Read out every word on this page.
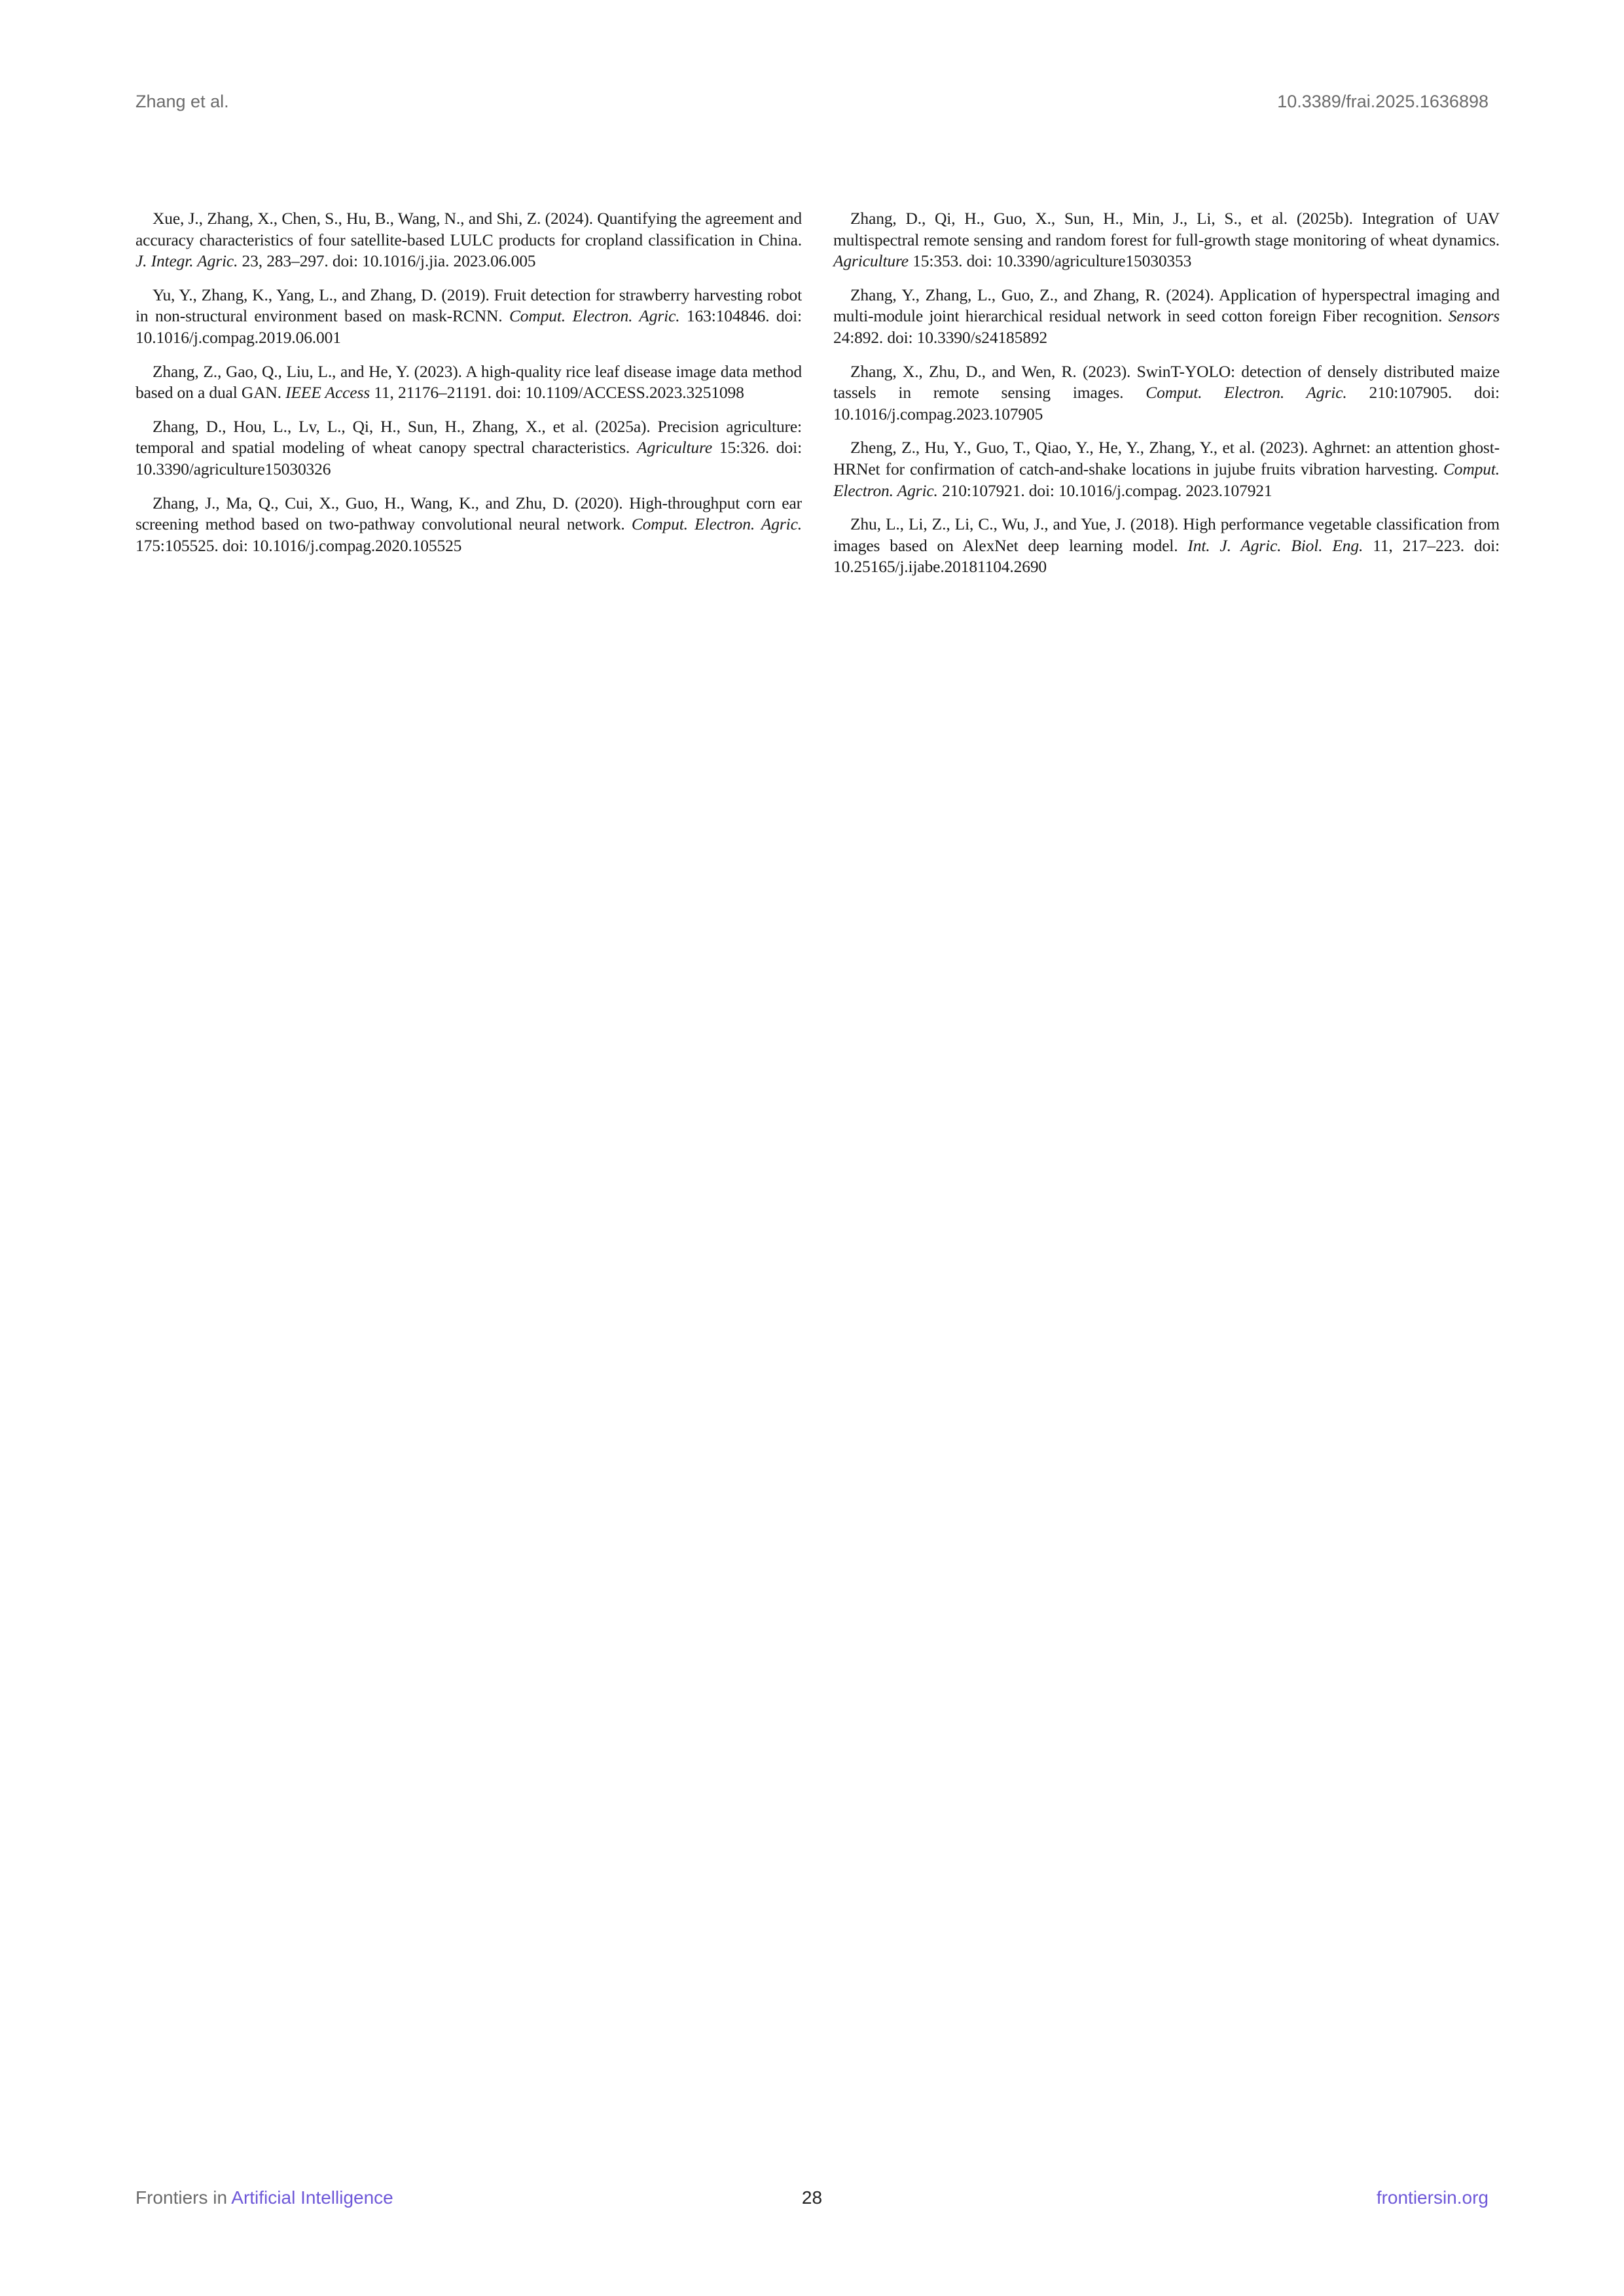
Zhang et al.	10.3389/frai.2025.1636898

Xue, J., Zhang, X., Chen, S., Hu, B., Wang, N., and Shi, Z. (2024). Quantifying the agreement and accuracy characteristics of four satellite-based LULC products for cropland classification in China. J. Integr. Agric. 23, 283–297. doi: 10.1016/j.jia. 2023.06.005

Yu, Y., Zhang, K., Yang, L., and Zhang, D. (2019). Fruit detection for strawberry harvesting robot in non-structural environment based on mask-RCNN. Comput. Electron. Agric. 163:104846. doi: 10.1016/j.compag.2019.06.001

Zhang, Z., Gao, Q., Liu, L., and He, Y. (2023). A high-quality rice leaf disease image data method based on a dual GAN. IEEE Access 11, 21176–21191. doi: 10.1109/ACCESS.2023.3251098

Zhang, D., Hou, L., Lv, L., Qi, H., Sun, H., Zhang, X., et al. (2025a). Precision agriculture: temporal and spatial modeling of wheat canopy spectral characteristics. Agriculture 15:326. doi: 10.3390/agriculture15030326

Zhang, J., Ma, Q., Cui, X., Guo, H., Wang, K., and Zhu, D. (2020). High-throughput corn ear screening method based on two-pathway convolutional neural network. Comput. Electron. Agric. 175:105525. doi: 10.1016/j.compag.2020.105525

Zhang, D., Qi, H., Guo, X., Sun, H., Min, J., Li, S., et al. (2025b). Integration of UAV multispectral remote sensing and random forest for full-growth stage monitoring of wheat dynamics. Agriculture 15:353. doi: 10.3390/agriculture15030353

Zhang, Y., Zhang, L., Guo, Z., and Zhang, R. (2024). Application of hyperspectral imaging and multi-module joint hierarchical residual network in seed cotton foreign Fiber recognition. Sensors 24:892. doi: 10.3390/s24185892

Zhang, X., Zhu, D., and Wen, R. (2023). SwinT-YOLO: detection of densely distributed maize tassels in remote sensing images. Comput. Electron. Agric. 210:107905. doi: 10.1016/j.compag.2023.107905

Zheng, Z., Hu, Y., Guo, T., Qiao, Y., He, Y., Zhang, Y., et al. (2023). Aghrnet: an attention ghost-HRNet for confirmation of catch-and-shake locations in jujube fruits vibration harvesting. Comput. Electron. Agric. 210:107921. doi: 10.1016/j.compag. 2023.107921

Zhu, L., Li, Z., Li, C., Wu, J., and Yue, J. (2018). High performance vegetable classification from images based on AlexNet deep learning model. Int. J. Agric. Biol. Eng. 11, 217–223. doi: 10.25165/j.ijabe.20181104.2690

Frontiers in Artificial Intelligence	28	frontiersin.org
